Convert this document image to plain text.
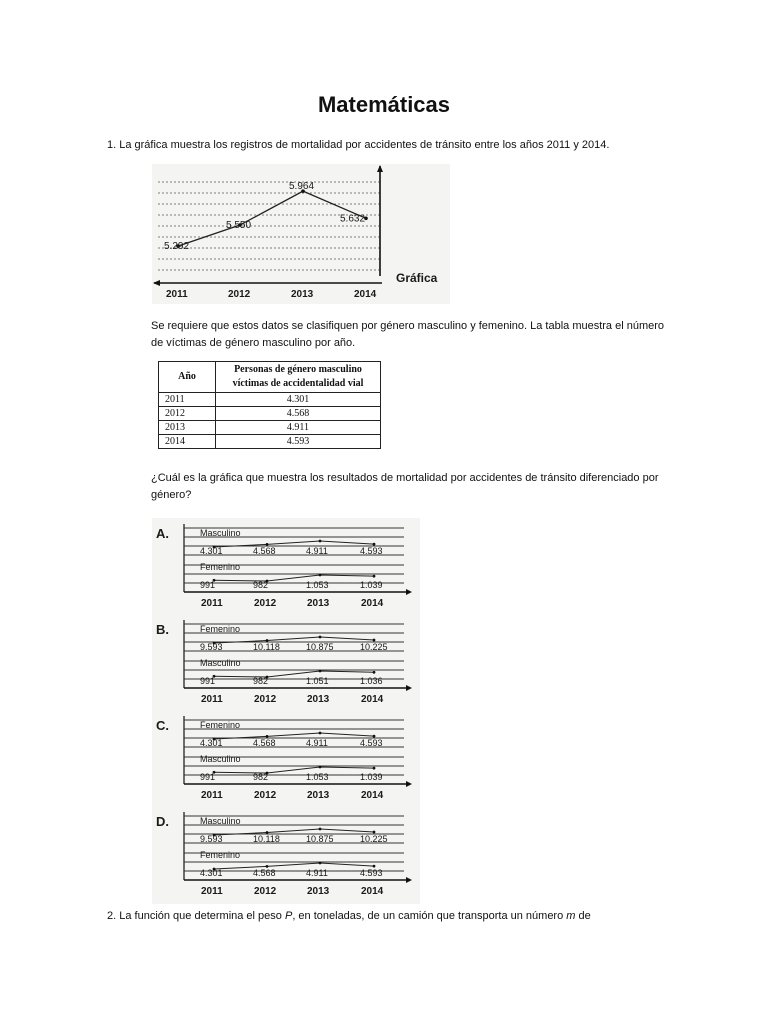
Matemáticas
1. La gráfica muestra los registros de mortalidad por accidentes de tránsito entre los años 2011 y 2014.
Gráfica
5.292
2011
5.550
2012
5.964
2013
5.632
2014
Se requiere que estos datos se clasifiquen por género masculino y femenino. La tabla muestra el número de víctimas de género masculino por año.
Año	Personas de género masculino víctimas de accidentalidad vial
2011	4.301
2012	4.568
2013	4.911
2014	4.593
¿Cuál es la gráfica que muestra los resultados de mortalidad por accidentes de tránsito diferenciado por género?
A.	Masculino
4.301	4.568	4.911	4.593
Femenino
991	982	1.053	1.039
2011	2012	2013	2014
B.	Femenino
9.593	10.118	10.875	10.225
Masculino
991	982	1.051	1.036
2011	2012	2013	2014
C.	Femenino
4.301	4.568	4.911	4.593
Masculino
991	982	1.053	1.039
2011	2012	2013	2014
D.	Masculino
9.593	10.118	10.875	10.225
Femenino
4.301	4.568	4.911	4.593
2011	2012	2013	2014
2. La función que determina el peso P, en toneladas, de un camión que transporta un número m de
